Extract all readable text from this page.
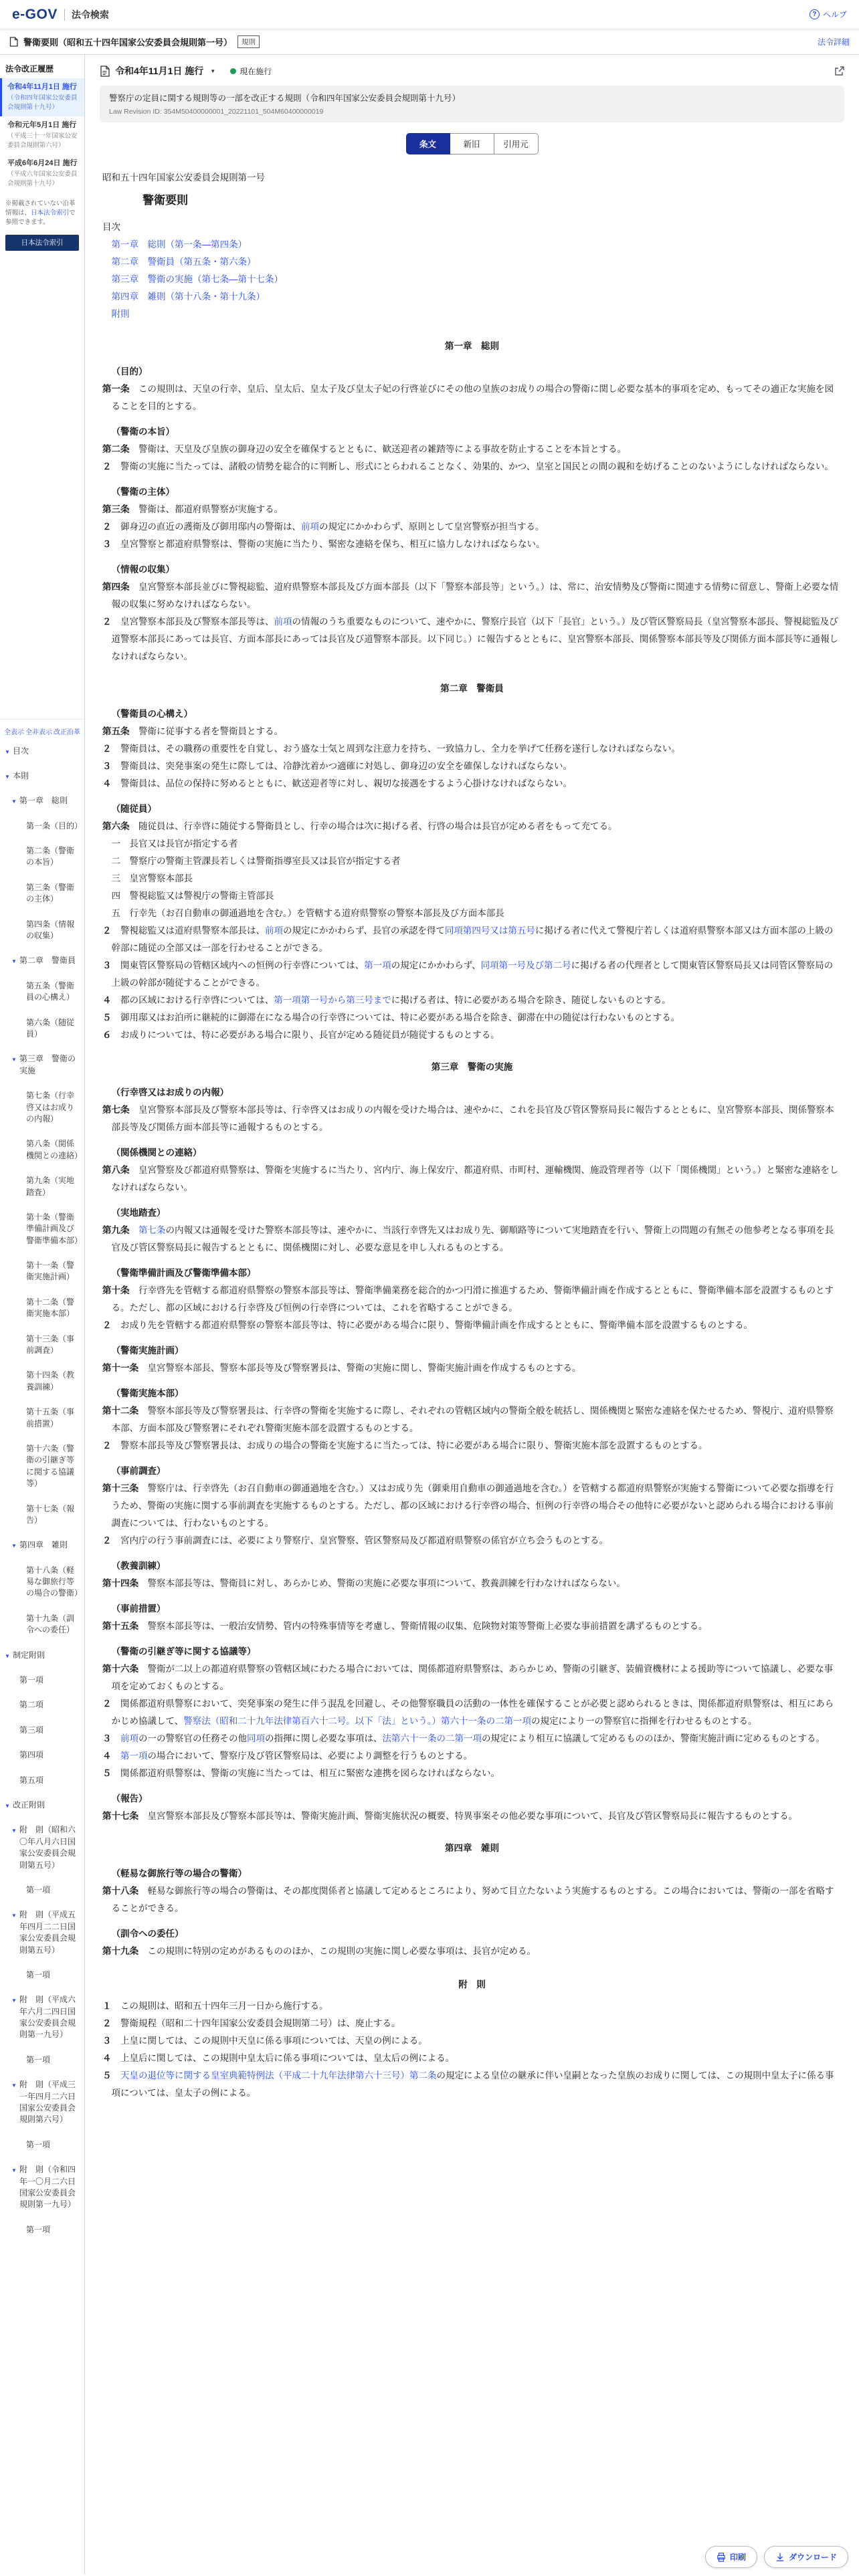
e-GOV 法令検索	? ヘルプ
警衛要則（昭和五十四年国家公安委員会規則第一号）	規則	法令詳細
法令改正履歴
令和4年11月1日 施行
（令和四年国家公安委員会規則第十九号）
令和元年5月1日 施行
（平成三十一年国家公安委員会規則第六号）
平成6年6月24日 施行
（平成六年国家公安委員会規則第十九号）
※掲載されていない沿革情報は、日本法令索引で参照できます。
日本法令索引
全表示 全非表示 改正沿革
▼ 目次
▼ 本則
▼ 第一章　総則
第一条（目的）
第二条（警衛の本旨）
第三条（警衛の主体）
第四条（情報の収集）
▼ 第二章　警衛員
第五条（警衛員の心構え）
第六条（随従員）
▼ 第三章　警衛の実施
第七条（行幸啓又はお成りの内報）
第八条（関係機関との連絡）
第九条（実地踏査）
第十条（警衛準備計画及び警衛準備本部）
第十一条（警衛実施計画）
第十二条（警衛実施本部）
第十三条（事前調査）
第十四条（教養訓練）
第十五条（事前措置）
第十六条（警衛の引継ぎ等に関する協議等）
第十七条（報告）
▼ 第四章　雑則
第十八条（軽易な御旅行等の場合の警衛）
第十九条（訓令への委任）
▼ 制定附則
第一項
第二項
第三項
第四項
第五項
▼ 改正附則
▼ 附　則（昭和六〇年八月六日国家公安委員会規則第五号）
第一項
▼ 附　則（平成五年四月二二日国家公安委員会規則第五号）
第一項
▼ 附　則（平成六年六月二四日国家公安委員会規則第一九号）
第一項
▼ 附　則（平成三一年四月二六日国家公安委員会規則第六号）
第一項
▼ 附　則（令和四年一〇月二六日国家公安委員会規則第一九号）
第一項
令和4年11月1日 施行 ▼	現在施行
警察庁の定員に関する規則等の一部を改正する規則（令和四年国家公安委員会規則第十九号）
Law Revision ID: 354M50400000001_20221101_504M60400000019
条文	新旧	引用元
昭和五十四年国家公安委員会規則第一号
警衛要則
目次
第一章　総則（第一条―第四条）
第二章　警衛員（第五条・第六条）
第三章　警衛の実施（第七条―第十七条）
第四章　雑則（第十八条・第十九条）
附則
第一章　総則
（目的）
第一条　 この規則は、天皇の行幸、皇后、皇太后、皇太子及び皇太子妃の行啓並びにその他の皇族のお成りの場合の警衛に関し必要な基本的事項を定め、もってその適正な実施を図ることを目的とする。
（警衛の本旨）
第二条　 警衛は、天皇及び皇族の御身辺の安全を確保するとともに、歓送迎者の雑踏等による事故を防止することを本旨とする。
２　 警衛の実施に当たっては、諸般の情勢を総合的に判断し、形式にとらわれることなく、効果的、かつ、皇室と国民との間の親和を妨げることのないようにしなければならない。
（警衛の主体）
第三条　 警衛は、都道府県警察が実施する。
２　 御身辺の直近の護衛及び御用邸内の警衛は、前項の規定にかかわらず、原則として皇宮警察が担当する。
３　 皇宮警察と都道府県警察は、警衛の実施に当たり、緊密な連絡を保ち、相互に協力しなければならない。
（情報の収集）
第四条　 皇宮警察本部長並びに警視総監、道府県警察本部長及び方面本部長（以下「警察本部長等」という。）は、常に、治安情勢及び警衛に関連する情勢に留意し、警衛上必要な情報の収集に努めなければならない。
２　 皇宮警察本部長及び警察本部長等は、前項の情報のうち重要なものについて、速やかに、警察庁長官（以下「長官」という。）及び管区警察局長（皇宮警察本部長、警視総監及び道警察本部長にあっては長官、方面本部長にあっては長官及び道警察本部長。以下同じ。）に報告するとともに、皇宮警察本部長、関係警察本部長等及び関係方面本部長等に通報しなければならない。
第二章　警衛員
（警衛員の心構え）
第五条　 警衛に従事する者を警衛員とする。
２　 警衛員は、その職務の重要性を自覚し、おう盛な士気と周到な注意力を持ち、一致協力し、全力を挙げて任務を遂行しなければならない。
３　 警衛員は、突発事案の発生に際しては、冷静沈着かつ適確に対処し、御身辺の安全を確保しなければならない。
４　 警衛員は、品位の保持に努めるとともに、歓送迎者等に対し、親切な接遇をするよう心掛けなければならない。
（随従員）
第六条　 随従員は、行幸啓に随従する警衛員とし、行幸の場合は次に掲げる者、行啓の場合は長官が定める者をもって充てる。
一　長官又は長官が指定する者
二　警察庁の警衛主管課長若しくは警衛指導室長又は長官が指定する者
三　皇宮警察本部長
四　警視総監又は警視庁の警衛主管部長
五　行幸先（お召自動車の御通過地を含む。）を管轄する道府県警察の警察本部長及び方面本部長
２　 警視総監又は道府県警察本部長は、前項の規定にかかわらず、長官の承認を得て同項第四号又は第五号に掲げる者に代えて警視庁若しくは道府県警察本部又は方面本部の上級の幹部に随従の全部又は一部を行わせることができる。
３　 関東管区警察局の管轄区域内への恒例の行幸啓については、第一項の規定にかかわらず、同項第一号及び第二号に掲げる者の代理者として関東管区警察局長又は同管区警察局の上級の幹部が随従することができる。
４　 都の区域における行幸啓については、第一項第一号から第三号までに掲げる者は、特に必要がある場合を除き、随従しないものとする。
５　 御用邸又はお泊所に継続的に御滞在になる場合の行幸啓については、特に必要がある場合を除き、御滞在中の随従は行わないものとする。
６　 お成りについては、特に必要がある場合に限り、長官が定める随従員が随従するものとする。
第三章　警衛の実施
（行幸啓又はお成りの内報）
第七条　 皇宮警察本部長及び警察本部長等は、行幸啓又はお成りの内報を受けた場合は、速やかに、これを長官及び管区警察局長に報告するとともに、皇宮警察本部長、関係警察本部長等及び関係方面本部長等に通報するものとする。
（関係機関との連絡）
第八条　 皇宮警察及び都道府県警察は、警衛を実施するに当たり、宮内庁、海上保安庁、都道府県、市町村、運輸機関、施設管理者等（以下「関係機関」という。）と緊密な連絡をしなければならない。
（実地踏査）
第九条　 第七条の内報又は通報を受けた警察本部長等は、速やかに、当該行幸啓先又はお成り先、御順路等について実地踏査を行い、警衛上の問題の有無その他参考となる事項を長官及び管区警察局長に報告するとともに、関係機関に対し、必要な意見を申し入れるものとする。
（警衛準備計画及び警衛準備本部）
第十条　 行幸啓先を管轄する都道府県警察の警察本部長等は、警衛準備業務を総合的かつ円滑に推進するため、警衛準備計画を作成するとともに、警衛準備本部を設置するものとする。ただし、都の区域における行幸啓及び恒例の行幸啓については、これを省略することができる。
２　 お成り先を管轄する都道府県警察の警察本部長等は、特に必要がある場合に限り、警衛準備計画を作成するとともに、警衛準備本部を設置するものとする。
（警衛実施計画）
第十一条　 皇宮警察本部長、警察本部長等及び警察署長は、警衛の実施に関し、警衛実施計画を作成するものとする。
（警衛実施本部）
第十二条　 警察本部長等及び警察署長は、行幸啓の警衛を実施するに際し、それぞれの管轄区域内の警衛全般を統括し、関係機関と緊密な連絡を保たせるため、警視庁、道府県警察本部、方面本部及び警察署にそれぞれ警衛実施本部を設置するものとする。
２　 警察本部長等及び警察署長は、お成りの場合の警衛を実施するに当たっては、特に必要がある場合に限り、警衛実施本部を設置するものとする。
（事前調査）
第十三条　 警察庁は、行幸啓先（お召自動車の御通過地を含む。）又はお成り先（御乗用自動車の御通過地を含む。）を管轄する都道府県警察が実施する警衛について必要な指導を行うため、警衛の実施に関する事前調査を実施するものとする。ただし、都の区域における行幸啓の場合、恒例の行幸啓の場合その他特に必要がないと認められる場合における事前調査については、行わないものとする。
２　 宮内庁の行う事前調査には、必要により警察庁、皇宮警察、管区警察局及び都道府県警察の係官が立ち会うものとする。
（教養訓練）
第十四条　 警察本部長等は、警衛員に対し、あらかじめ、警衛の実施に必要な事項について、教養訓練を行わなければならない。
（事前措置）
第十五条　 警察本部長等は、一般治安情勢、管内の特殊事情等を考慮し、警衛情報の収集、危険物対策等警衛上必要な事前措置を講ずるものとする。
（警衛の引継ぎ等に関する協議等）
第十六条　 警衛が二以上の都道府県警察の管轄区域にわたる場合においては、関係都道府県警察は、あらかじめ、警衛の引継ぎ、装備資機材による援助等について協議し、必要な事項を定めておくものとする。
２　 関係都道府県警察において、突発事案の発生に伴う混乱を回避し、その他警察職員の活動の一体性を確保することが必要と認められるときは、関係都道府県警察は、相互にあらかじめ協議して、警察法（昭和二十九年法律第百六十二号。以下「法」という。）第六十一条の二第一項の規定により一の警察官に指揮を行わせるものとする。
３　 前項の一の警察官の任務その他同項の指揮に関し必要な事項は、法第六十一条の二第一項の規定により相互に協議して定めるもののほか、警衛実施計画に定めるものとする。
４　 第一項の場合において、警察庁及び管区警察局は、必要により調整を行うものとする。
５　 関係都道府県警察は、警衛の実施に当たっては、相互に緊密な連携を図らなければならない。
（報告）
第十七条　 皇宮警察本部長及び警察本部長等は、警衛実施計画、警衛実施状況の概要、特異事案その他必要な事項について、長官及び管区警察局長に報告するものとする。
第四章　雑則
（軽易な御旅行等の場合の警衛）
第十八条　 軽易な御旅行等の場合の警衛は、その都度関係者と協議して定めるところにより、努めて目立たないよう実施するものとする。この場合においては、警衛の一部を省略することができる。
（訓令への委任）
第十九条　 この規則に特別の定めがあるもののほか、この規則の実施に関し必要な事項は、長官が定める。
附　則
１　 この規則は、昭和五十四年三月一日から施行する。
２　 警衛規程（昭和二十四年国家公安委員会規則第二号）は、廃止する。
３　 上皇に関しては、この規則中天皇に係る事項については、天皇の例による。
４　 上皇后に関しては、この規則中皇太后に係る事項については、皇太后の例による。
５　 天皇の退位等に関する皇室典範特例法（平成二十九年法律第六十三号）第二条の規定による皇位の継承に伴い皇嗣となった皇族のお成りに関しては、この規則中皇太子に係る事項については、皇太子の例による。
印刷	ダウンロード
